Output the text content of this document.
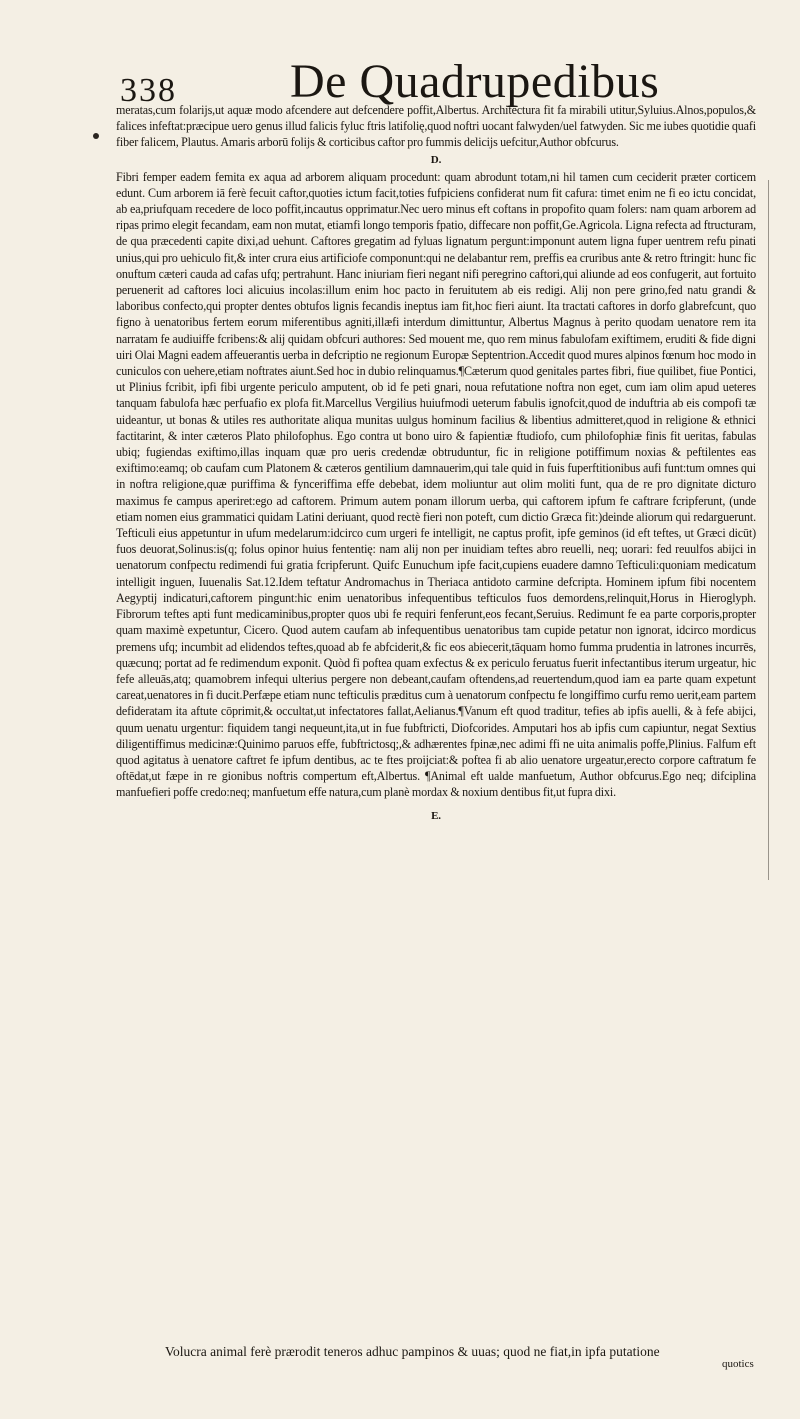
338 De Quadrupedibus

meratas,cum folarijs,ut aquæ modo afcendere aut defcendere poffit,Albertus. Architectura fit fa mirabili utitur,Syluius.Alnos,populos,& falices infeftat:præcipue uero genus illud falicis fyluc ftris latifolię,quod noftri uocant falwyden/uel fatwyden. Sic me iubes quotidie quafi fiber falicem, Plautus. Amaris arborū folijs & corticibus caftor pro fummis delicijs uefcitur,Author obfcurus.

D.

Fibri femper eadem femita ex aqua ad arborem aliquam procedunt: quam abrodunt totam,ni hil tamen cum ceciderit præter corticem edunt. Cum arborem iā ferè fecuit caftor,quoties ictum facit,toties fufpiciens confiderat num fit cafura: timet enim ne fi eo ictu concidat, ab ea,priufquam recedere de loco poffit,incautus opprimatur.Nec uero minus eft coftans in propofito quam folers: nam quam arborem ad ripas primo elegit fecandam, eam non mutat, etiamfi longo temporis fpatio, diffecare non poffit,Ge.Agricola. Ligna refecta ad ftructuram, de qua præcedenti capite dixi,ad uehunt. Caftores gregatim ad fyluas lignatum pergunt:imponunt autem ligna fuper uentrem refu pinati unius,qui pro uehiculo fit,& inter crura eius artificiofe componunt:qui ne delabantur rem, preffis ea cruribus ante & retro ftringit: hunc fic onuftum cæteri cauda ad cafas ufq; pertrahunt. Hanc iniuriam fieri negant nifi peregrino caftori,qui aliunde ad eos confugerit, aut fortuito peruenerit ad caftores loci alicuius incolas:illum enim hoc pacto in feruitutem ab eis redigi. Alij non pere grino,fed natu grandi & laboribus confecto,qui propter dentes obtufos lignis fecandis ineptus iam fit,hoc fieri aiunt. Ita tractati caftores in dorfo glabrefcunt, quo figno à uenatoribus fertem eorum miferentibus agniti,illæfi interdum dimittuntur, Albertus Magnus à perito quodam uenatore rem ita narratam fe audiuiffe fcribens:& alij quidam obfcuri authores: Sed mouent me, quo rem minus fabulofam exiftimem, eruditi & fide digni uiri Olai Magni eadem affeuerantis uerba in defcriptio ne regionum Europæ Septentrion.Accedit quod mures alpinos fœnum hoc modo in cuniculos con uehere,etiam noftrates aiunt.Sed hoc in dubio relinquamus.¶Cæterum quod genitales partes fibri, fiue quilibet, fiue Pontici, ut Plinius fcribit, ipfi fibi urgente periculo amputent, ob id fe peti gnari, noua refutatione noftra non eget, cum iam olim apud ueteres tanquam fabulofa hæc perfuafio ex plofa fit.Marcellus Vergilius huiufmodi ueterum fabulis ignofcit,quod de induftria ab eis compofi tæ uideantur, ut bonas & utiles res authoritate aliqua munitas uulgus hominum facilius & libentius admitteret,quod in religione & ethnici factitarint, & inter cæteros Plato philofophus. Ego contra ut bono uiro & fapientiæ ftudiofo, cum philofophiæ finis fit ueritas, fabulas ubiq; fugiendas exiftimo,illas inquam quæ pro ueris credendæ obtruduntur, fic in religione potiffimum noxias & peftilentes eas exiftimo:eamq; ob caufam cum Platonem & cæteros gentilium damnauerim,qui tale quid in fuis fuperftitionibus aufi funt:tum omnes qui in noftra religione,quæ puriffima & fynceriffima effe debebat, idem moliuntur aut olim moliti funt, qua de re pro dignitate dicturo maximus fe campus aperiret:ego ad caftorem. Primum autem ponam illorum uerba, qui caftorem ipfum fe caftrare fcripferunt, (unde etiam nomen eius grammatici quidam Latini deriuant, quod rectè fieri non poteft, cum dictio Græca fit:)deinde aliorum qui redarguerunt. Tefticuli eius appetuntur in ufum medelarum:idcirco cum urgeri fe intelligit, ne captus profit, ipfe geminos (id eft teftes, ut Græci dicūt) fuos deuorat,Solinus:is(q; folus opinor huius fententię: nam alij non per inuidiam teftes abro reuelli, neq; uorari: fed reuulfos abijci in uenatorum confpectu redimendi fui gratia fcripferunt. Quifc Eunuchum ipfe facit,cupiens euadere damno Tefticuli:quoniam medicatum intelligit inguen, Iuuenalis Sat.12.Idem teftatur Andromachus in Theriaca antidoto carmine defcripta. Hominem ipfum fibi nocentem Aegyptij indicaturi,caftorem pingunt:hic enim uenatoribus infequentibus tefticulos fuos demordens,relinquit,Horus in Hieroglyph. Fibrorum teftes apti funt medicaminibus,propter quos ubi fe requiri fenferunt,eos fecant,Seruius. Redimunt fe ea parte corporis,propter quam maximè expetuntur, Cicero. Quod autem caufam ab infequentibus uenatoribus tam cupide petatur non ignorat, idcirco mordicus premens ufq; incumbit ad elidendos teftes,quoad ab fe abfciderit,& fic eos abiecerit,tāquam homo fumma prudentia in latrones incurrēs, quæcunq; portat ad fe redimendum exponit. Quòd fi poftea quam exfectus & ex periculo feruatus fuerit infectantibus iterum urgeatur, hic fefe alleuās,atq; quamobrem infequi ulterius pergere non debeant,caufam oftendens,ad reuertendum,quod iam ea parte quam expetunt careat,uenatores in fi ducit.Perfæpe etiam nunc tefticulis præditus cum à uenatorum confpectu fe longiffimo curfu remo uerit,eam partem defideratam ita aftute cōprimit,& occultat,ut infectatores fallat,Aelianus.¶Vanum eft quod traditur, tefies ab ipfis auelli, & à fefe abijci, quum uenatu urgentur: fiquidem tangi nequeunt,ita,ut in fue fubftricti, Diofcorides. Amputari hos ab ipfis cum capiuntur, negat Sextius diligentiffimus medicinæ:Quinimo paruos effe, fubftrictosq;,& adhærentes fpinæ,nec adimi ffi ne uita animalis poffe,Plinius. Falfum eft quod agitatus à uenatore caftret fe ipfum dentibus, ac te ftes proijciat:& poftea fi ab alio uenatore urgeatur,erecto corpore caftratum fe oftēdat,ut fæpe in re gionibus noftris compertum eft,Albertus. ¶Animal eft ualde manfuetum, Author obfcurus.Ego neq; difciplina manfuefieri poffe credo:neq; manfuetum effe natura,cum planè mordax & noxium dentibus fit,ut fupra dixi.

E.
Volucra animal ferè prærodit teneros adhuc pampinos & uuas; quod ne fiat,in ipfa putatione
quotics
